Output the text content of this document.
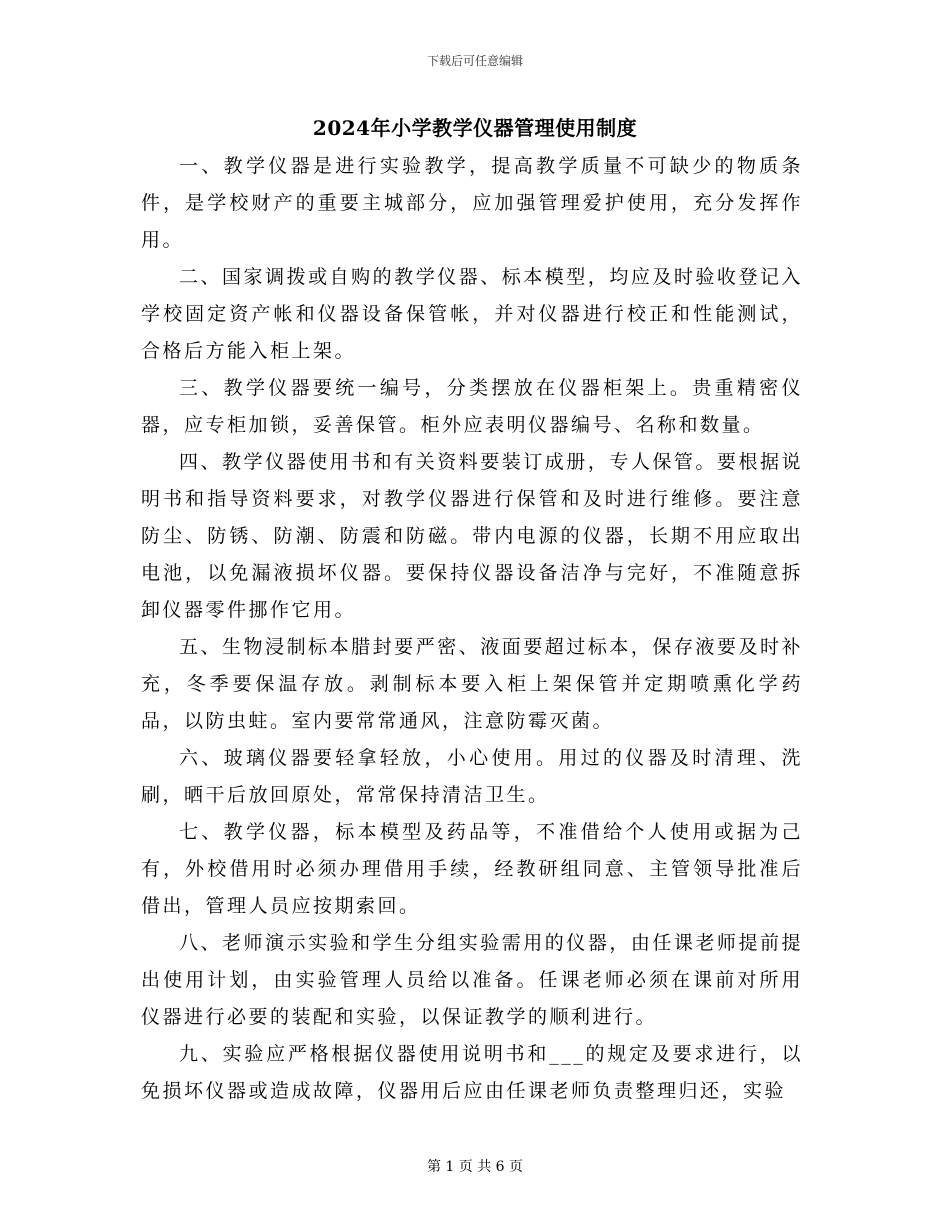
下载后可任意编辑
2024年小学教学仪器管理使用制度

一、教学仪器是进行实验教学，提高教学质量不可缺少的物质条件，是学校财产的重要主城部分，应加强管理爱护使用，充分发挥作用。

二、国家调拨或自购的教学仪器、标本模型，均应及时验收登记入学校固定资产帐和仪器设备保管帐，并对仪器进行校正和性能测试，合格后方能入柜上架。

三、教学仪器要统一编号，分类摆放在仪器柜架上。贵重精密仪器，应专柜加锁，妥善保管。柜外应表明仪器编号、名称和数量。

四、教学仪器使用书和有关资料要装订成册，专人保管。要根据说明书和指导资料要求，对教学仪器进行保管和及时进行维修。要注意防尘、防锈、防潮、防震和防磁。带内电源的仪器，长期不用应取出电池，以免漏液损坏仪器。要保持仪器设备洁净与完好，不准随意拆卸仪器零件挪作它用。

五、生物浸制标本腊封要严密、液面要超过标本，保存液要及时补充，冬季要保温存放。剥制标本要入柜上架保管并定期喷熏化学药品，以防虫蛀。室内要常常通风，注意防霉灭菌。

六、玻璃仪器要轻拿轻放，小心使用。用过的仪器及时清理、洗刷，晒干后放回原处，常常保持清洁卫生。

七、教学仪器，标本模型及药品等，不准借给个人使用或据为己有，外校借用时必须办理借用手续，经教研组同意、主管领导批准后借出，管理人员应按期索回。

八、老师演示实验和学生分组实验需用的仪器，由任课老师提前提出使用计划，由实验管理人员给以准备。任课老师必须在课前对所用仪器进行必要的装配和实验，以保证教学的顺利进行。

九、实验应严格根据仪器使用说明书和___的规定及要求进行，以免损坏仪器或造成故障，仪器用后应由任课老师负责整理归还，实验

第 1 页 共 6 页
